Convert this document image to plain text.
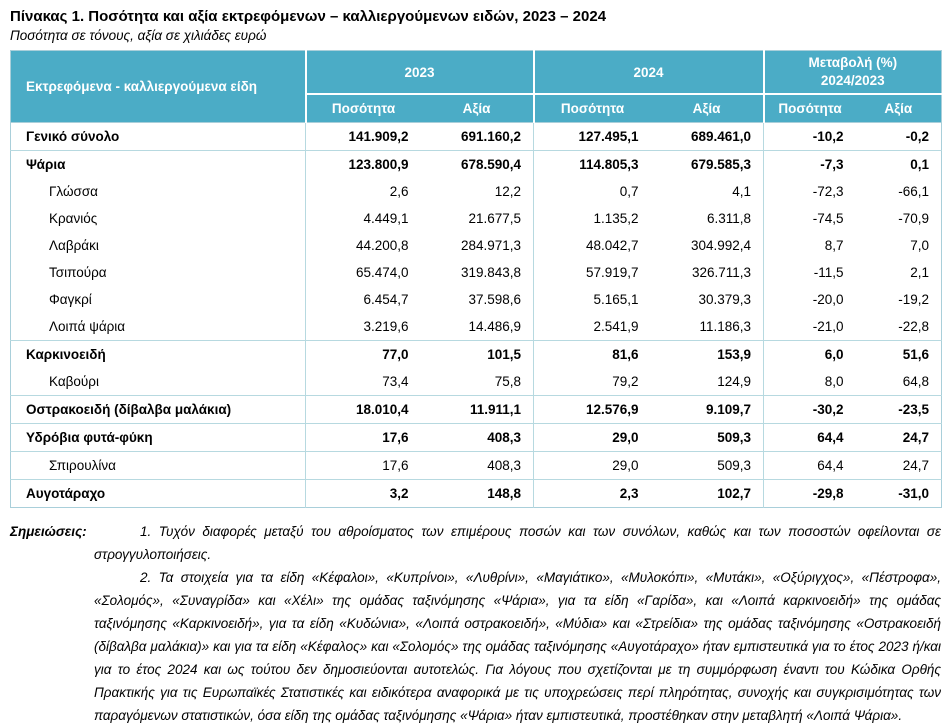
Πίνακας 1. Ποσότητα και αξία εκτρεφόμενων – καλλιεργούμενων ειδών, 2023 – 2024

Ποσότητα σε τόνους, αξία σε χιλιάδες ευρώ

Εκτρεφόμενα - καλλιεργούμενα είδη	2023		2024		Μεταβολή (%)
2024/2023	
	Ποσότητα	Αξία	Ποσότητα	Αξία	Ποσότητα	Αξία
Γενικό σύνολο	141.909,2	691.160,2	127.495,1	689.461,0	-10,2	-0,2
Ψάρια	123.800,9	678.590,4	114.805,3	679.585,3	-7,3	0,1
Γλώσσα	2,6	12,2	0,7	4,1	-72,3	-66,1
Κρανιός	4.449,1	21.677,5	1.135,2	6.311,8	-74,5	-70,9
Λαβράκι	44.200,8	284.971,3	48.042,7	304.992,4	8,7	7,0
Τσιπούρα	65.474,0	319.843,8	57.919,7	326.711,3	-11,5	2,1
Φαγκρί	6.454,7	37.598,6	5.165,1	30.379,3	-20,0	-19,2
Λοιπά ψάρια	3.219,6	14.486,9	2.541,9	11.186,3	-21,0	-22,8
Καρκινοειδή	77,0	101,5	81,6	153,9	6,0	51,6
Καβούρι	73,4	75,8	79,2	124,9	8,0	64,8
Οστρακοειδή (δίβαλβα μαλάκια)	18.010,4	11.911,1	12.576,9	9.109,7	-30,2	-23,5
Υδρόβια φυτά-φύκη	17,6	408,3	29,0	509,3	64,4	24,7
Σπιρουλίνα	17,6	408,3	29,0	509,3	64,4	24,7
Αυγοτάραχο	3,2	148,8	2,3	102,7	-29,8	-31,0
Σημειώσεις:	1. Τυχόν διαφορές μεταξύ του αθροίσματος των επιμέρους ποσών και των συνόλων, καθώς και των ποσοστών οφείλονται σε στρογγυλοποιήσεις.

2. Τα στοιχεία για τα είδη «Κέφαλοι», «Κυπρίνοι», «Λυθρίνι», «Μαγιάτικο», «Μυλοκόπι», «Μυτάκι», «Οξύριγχος», «Πέστροφα», «Σολομός», «Συναγρίδα» και «Χέλι» της ομάδας ταξινόμησης «Ψάρια», για τα είδη «Γαρίδα», και «Λοιπά καρκινοειδή» της ομάδας ταξινόμησης «Καρκινοειδή», για τα είδη «Κυδώνια», «Λοιπά οστρακοειδή», «Μύδια» και «Στρείδια» της ομάδας ταξινόμησης «Οστρακοειδή (δίβαλβα μαλάκια)» και για τα είδη «Κέφαλος» και «Σολομός» της ομάδας ταξινόμησης «Αυγοτάραχο» ήταν εμπιστευτικά για το έτος 2023 ή/και για το έτος 2024 και ως τούτου δεν δημοσιεύονται αυτοτελώς. Για λόγους που σχετίζονται με τη συμμόρφωση έναντι του Κώδικα Ορθής Πρακτικής για τις Ευρωπαϊκές Στατιστικές και ειδικότερα αναφορικά με τις υποχρεώσεις περί πληρότητας, συνοχής και συγκρισιμότητας των παραγόμενων στατιστικών, όσα είδη της ομάδας ταξινόμησης «Ψάρια» ήταν εμπιστευτικά, προστέθηκαν στην μεταβλητή «Λοιπά Ψάρια».
